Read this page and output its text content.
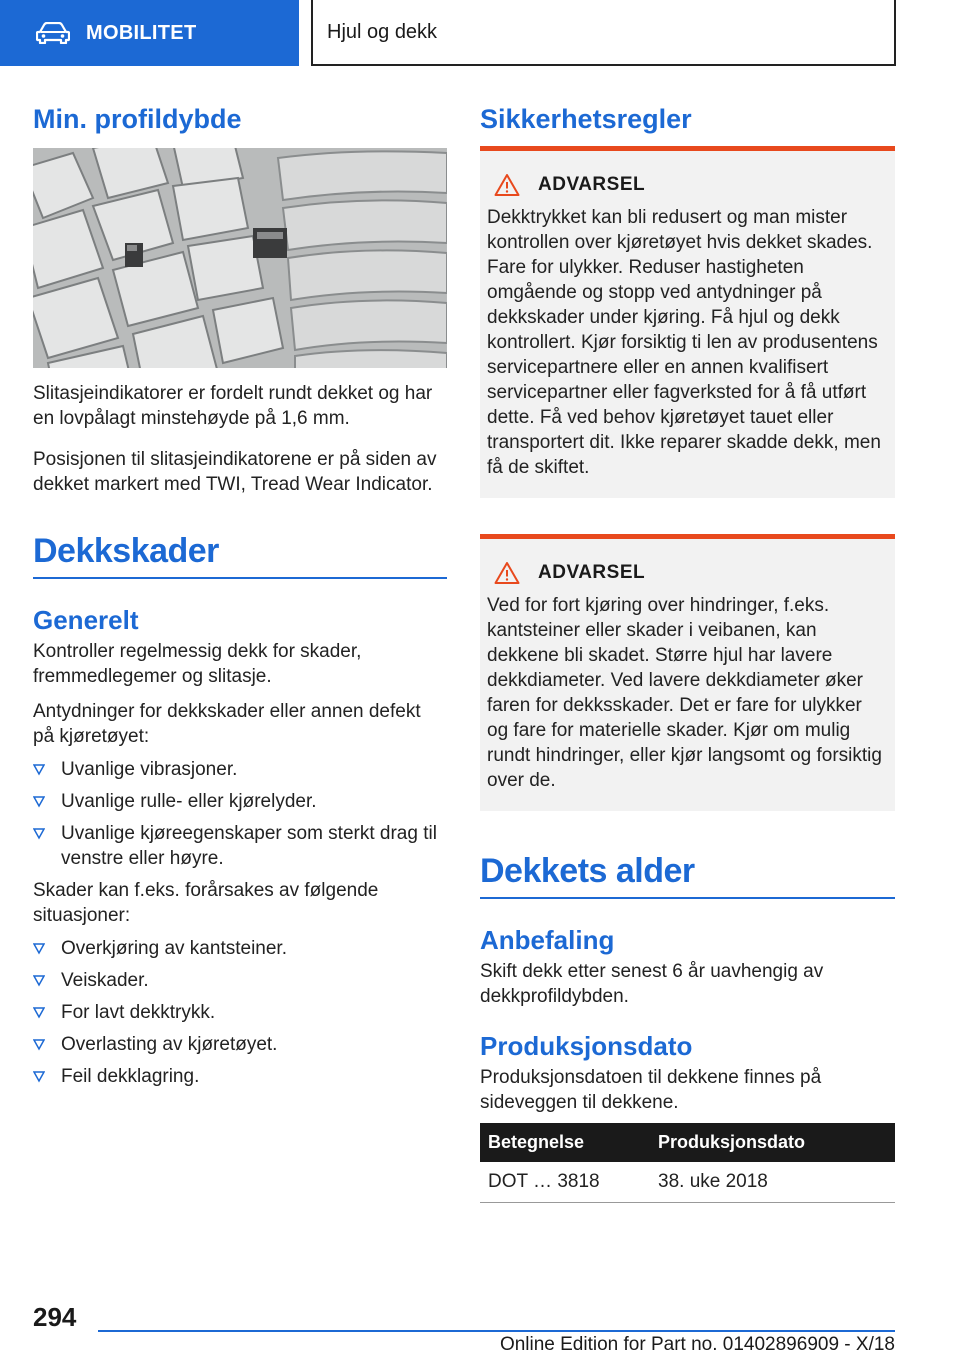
MOBILITET	Hjul og dekk
Min. profildybde

Slitasjeindikatorer er fordelt rundt dekket og har en lovpålagt minstehøyde på 1,6 mm.

Posisjonen til slitasjeindikatorene er på siden av dekket markert med TWI, Tread Wear Indicator.

Dekkskader
Generelt

Kontroller regelmessig dekk for skader, fremmedlegemer og slitasje.

Antydninger for dekkskader eller annen defekt på kjøretøyet:

Uvanlige vibrasjoner.
Uvanlige rulle- eller kjørelyder.
Uvanlige kjøreegenskaper som sterkt drag til venstre eller høyre.

Skader kan f.eks. forårsakes av følgende situasjoner:

Overkjøring av kantsteiner.
Veiskader.
For lavt dekktrykk.
Overlasting av kjøretøyet.
Feil dekklagring.
Sikkerhetsregler
ADVARSEL

Dekktrykket kan bli redusert og man mister kontrollen over kjøretøyet hvis dekket skades. Fare for ulykker. Reduser hastigheten omgående og stopp ved antydninger på dekkskader under kjøring. Få hjul og dekk kontrollert. Kjør forsiktig ti len av produsentens servicepartnere eller en annen kvalifisert servicepartner eller fagverksted for å få utført dette. Få ved behov kjøretøyet tauet eller transportert dit. Ikke reparer skadde dekk, men få de skiftet.

ADVARSEL

Ved for fort kjøring over hindringer, f.eks. kantsteiner eller skader i veibanen, kan dekkene bli skadet. Større hjul har lavere dekkdiameter. Ved lavere dekkdiameter øker faren for dekksskader. Det er fare for ulykker og fare for materielle skader. Kjør om mulig rundt hindringer, eller kjør langsomt og forsiktig over de.

Dekkets alder
Anbefaling

Skift dekk etter senest 6 år uavhengig av dekkprofildybden.

Produksjonsdato

Produksjonsdatoen til dekkene finnes på sideveggen til dekkene.

Betegnelse	Produksjonsdato
DOT … 3818	38. uke 2018
294
Online Edition for Part no. 01402896909 - X/18
